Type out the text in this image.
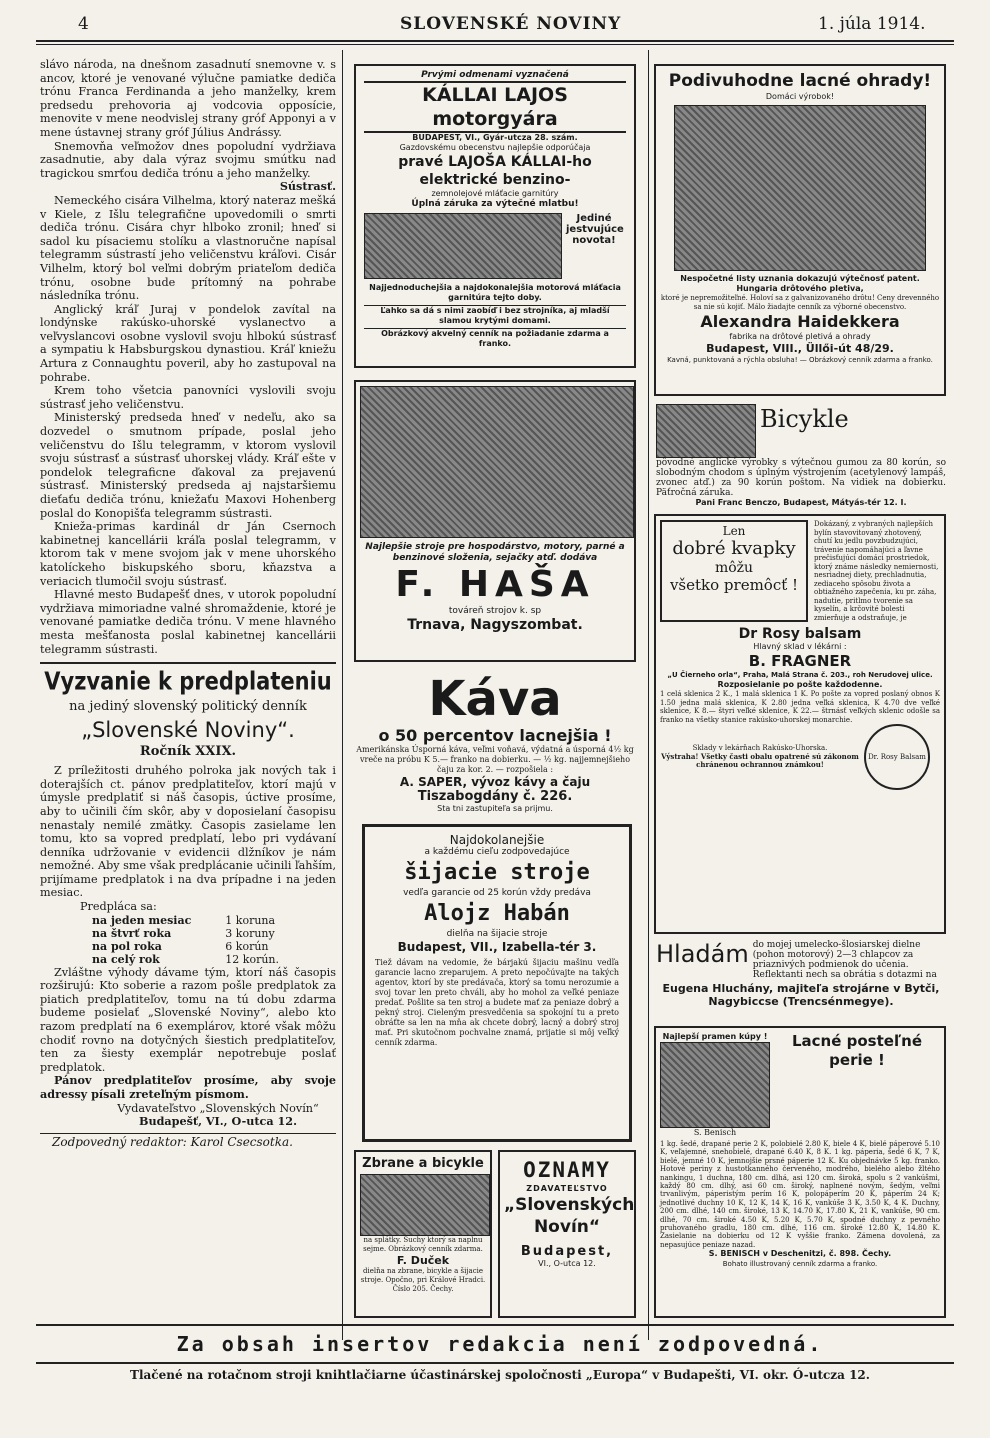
4	SLOVENSKÉ NOVINY	1. júla 1914.

slávo národa, na dnešnom zasadnutí snemovne v. s ancov, ktoré je venované výlučne pamiatke dediča trónu Franca Ferdinanda a jeho manželky, krem predsedu prehovoria aj vodcovia opposície, menovite v mene neodvislej strany gróf Apponyi a v mene ústavnej strany gróf Július Andrássy.

Snemovňa veľmožov dnes popoludní vydržiava zasadnutie, aby dala výraz svojmu smútku nad tragickou smrťou dediča trónu a jeho manželky.

Sústrasť.

Nemeckého cisára Vilhelma, ktorý nateraz mešká v Kiele, z Išlu telegrafične upovedomili o smrti dediča trónu. Cisára chyr hlboko zronil; hneď si sadol ku písaciemu stolíku a vlastnoručne napísal telegramm sústrastí jeho veličenstvu kráľovi. Cisár Vilhelm, ktorý bol veľmi dobrým priateľom dediča trónu, osobne bude prítomný na pohrabe následníka trónu.

Anglický kráľ Juraj v pondelok zavítal na londýnske rakúsko-uhorské vyslanectvo a veľvyslancovi osobne vyslovil svoju hlbokú sústrasť a sympatiu k Habsburgskou dynastiou. Kráľ kniežu Artura z Connaughtu poveril, aby ho zastupoval na pohrabe.

Krem toho všetcia panovníci vyslovili svoju sústrasť jeho veličenstvu.

Ministerský predseda hneď v nedeľu, ako sa dozvedel o smutnom prípade, poslal jeho veličenstvu do Išlu telegramm, v ktorom vyslovil svoju sústrasť a sústrasť uhorskej vlády. Kráľ ešte v pondelok telegraficne ďakoval za prejavenú sústrasť. Ministerský predseda aj najstaršiemu dieťaťu dediča trónu, kniežaťu Maxovi Hohenberg poslal do Konopišťa telegramm sústrasti.

Knieža-primas kardinál dr Ján Csernoch kabinetnej kancellárii kráľa poslal telegramm, v ktorom tak v mene svojom jak v mene uhorského katolíckeho biskupského sboru, kňazstva a veriacich tlumočil svoju sústrasť.

Hlavné mesto Budapešť dnes, v utorok popoludní vydržiava mimoriadne valné shromaždenie, ktoré je venované pamiatke dediča trónu. V mene hlavného mesta mešťanosta poslal kabinetnej kancellárii telegramm sústrasti.

Vyzvanie k predplateniu
na jediný slovenský politický denník
„Slovenské Noviny“.
Ročník XXIX.

Z príležitosti druhého polroka jak nových tak i doterajších ct. pánov predplatiteľov, ktorí majú v úmysle predplatiť si náš časopis, úctive prosíme, aby to učinili čím skôr, aby v doposielaní časopisu nenastaly nemilé zmätky. Časopis zasielame len tomu, kto sa vopred predplatí, lebo pri vydávaní denníka udržovanie v evidencii dlžníkov je nám nemožné. Aby sme však predplácanie učinili ľahším, prijímame predplatok i na dva prípadne i na jeden mesiac.

Predplácа sa:
na jeden mesiac	1 koruna
na štvrť roka	3 koruny
na pol roka	6 korún
na celý rok	12 korún.

Zvláštne výhody dávame tým, ktorí náš časopis rozširujú: Kto soberie a razom pošle predplatok za piatich predplatiteľov, tomu na tú dobu zdarma budeme posielať „Slovenské Noviny“, alebo kto razom predplatí na 6 exemplárov, ktoré však môžu chodiť rovno na dotyčných šiestich predplatiteľov, ten za šiesty exemplár nepotrebuje poslať predplatok.

Pánov predplatiteľov prosíme, aby svoje adressy písali zreteľným písmom.

Vydavateľstvo „Slovenských Novín“
Budapešť, VI., O-utca 12.
Zodpovedný redaktor: Karol Csecsotka.
Prvými odmenami vyznačená
KÁLLAI LAJOS motorgyára
BUDAPEST, VI., Gyár-utcza 28. szám.
Gazdovskému obecenstvu najlepšie odporúčaja
pravé LAJOŠA KÁLLAI-ho elektrické benzino-
zemnolejové mláťacie garnitúry
Úplná záruka za výtečné mlatbu!
Jediné jestvujúce novota!
Najjednoduchejšia a najdokonalejšia motorová mláťacia garnitúra tejto doby.
Ľahko sa dá s nimi zaobíď i bez strojníka, aj mladší slamou krytými domami.
Obrázkový akvelný cenník na požiadanie zdarma a franko.
Najlepšie stroje pre hospodárstvo, motory, parné a benzinové složenia, sejačky atď. dodáva
F. HAŠA
továreň strojov k. sp
Trnava, Nagyszombat.
Káva
o 50 percentov lacnejšia !
Amerikánska Úsporná káva, veľmi voňavá, výdatná a úsporná 4½ kg vreče na próbu K 5.— franko na dobierku. — ½ kg. najjemnejšieho čaju za kor. 2. — rozpošiela :
A. SAPER, vývoz kávy a čaju
Tiszabogdány č. 226.
Sta tni zastupiteľa sa prijmu.
Najdokolanejšie
a každému cieľu zodpovedajúce
šijacie stroje
vedľa garancie od 25 korún vždy predáva
Alojz Habán
dielňa na šijacie stroje
Budapest, VII., Izabella-tér 3.
Tiež dávam na vedomie, že bárjakú šijaciu mašinu vedľa garancie lacno zreparujem. A preto nepočúvajte na takých agentov, ktorí by ste predávača, ktorý sa tomu nerozumie a svoj tovar len preto chváli, aby ho mohol za veľké peniaze predať. Pošlite sa ten stroj a budete mať za peniaze dobrý a pekný stroj. Cieleným presvedčenia sa spokojní tu a preto obráťte sa len na mňa ak chcete dobrý, lacný a dobrý stroj mať. Pri skutočnom pochvalne znamá, prijatie si môj veľký cenník zdarma.
Zbrane a bicykle
na splátky. Suchy ktorý sa naplnu sejme. Obrázkový cenník zdarma.
F. Duček
dielňa na zbrane, bicykle a šijacie stroje. Opočno, pri Králové Hradci. Číslo 205. Čechy.
OZNAMY
ZDAVATEĽSTVO
„Slovenských Novín“
Budapest,
VI., O-utca 12.
Podivuhodne lacné ohrady!
Domáci výrobok!
Nespočetné listy uznania dokazujú výtečnosť patent. Hungaria drôtového pletiva,
ktoré je nepremožiteľné. Holoví sa z galvanizovaného drôtu! Ceny drevenného sa nie sú kojiť. Málo žiadajte cenník za výborné obecenstvo.
Alexandra Haidekkera
fabrika na drôtové pletivá a ohrady
Budapest, VIII., Üllői-út 48/29.
Kavná, punktovaná a rýchla obsluha! — Obrázkový cenník zdarma a franko.
Bicykle
pôvodné anglické výrobky s výtečnou gumou za 80 korún, so slobodným chodom s úplným výstrojením (acetylenový lampáš, zvonec atď.) za 90 korún poštom. Na vidiek na dobierku. Päťročná záruka.
Pani Franc Benczo, Budapest, Mátyás-tér 12. I.
Len
dobré kvapky
môžu
všetko premôcť !
Dokázaný, z vybraných najlepších bylín stavovitovaný zhotovený, chutí ku jedlu povzbudzujúci, trávenie napomáhajúci a ľavne prečisťujúci domáci prostriedok, ktorý známe následky nemiernosti, nesriadnej diety, prechladnutia, zediaceho spôsobu života a obtiažného zapečenia, ku pr. záha, nadutie, pritlmo tvorenie sa kyselín, a krčovité bolesti zmierňuje a odstraňuje, je
Dr Rosy balsam
Hlavný sklad v lékárni :
B. FRAGNER
„U Čierneho orla“, Praha, Malá Strana č. 203., roh Nerudovej ulice.
Rozposielanie po pošte každodenne.
1 celá sklenica 2 K., 1 malá sklenica 1 K. Po pošte za vopred poslaný obnos K 1.50 jedna malá sklenica, K 2.80 jedna veľká sklenica, K 4.70 dve veľké sklenice, K 8.— štyri veľké sklenice, K 22.— štrnásť veľkých sklenic odošle sa franko na všetky stanice rakúsko-uhorskej monarchie.
Sklady v lekárňach Rakúsko-Uhorska.
Výstraha! Všetky časti obalu opatrené sú zákonom chránenou ochrannou známkou!
Dr. Rosy Balsam
Hladám do mojej umelecko-šlosiarskej dielne (pohon motorový) 2—3 chlapcov za priaznivých podmienok do učenia. Reflektanti nech sa obrátia s dotazmi na
Eugena Hluchány, majiteľa strojárne v Bytči, Nagybiccse (Trencsénmegye).
Najlepší pramen kúpy !
S. Benisch
Lacné posteľné perie !
1 kg. šedé, drapané perie 2 K, polobielé 2.80 K, biele 4 K, bielé páperové 5.10 K, veľajemné, snehobielé, drapané 6.40 K, 8 K. 1 kg. páperia, šedé 6 K, 7 K, bielé, jemné 10 K, jemnojšie prsné páperie 12 K. Ku objednávke 5 kg. franko. Hotové periny z hustotkanného červeného, modrého, bielého alebo žltého nankingu, 1 duchna, 180 cm. dlhá, asi 120 cm. široká, spolu s 2 vankúšmi, každý 80 cm. dlhý, asi 60 cm. široký, naplnené novým, šedým, veľmi trvanlivým, páperistým perím 16 K, polopáperím 20 K, páperím 24 K; jednotlivé duchny 10 K, 12 K, 14 K, 16 K, vankúše 3 K, 3.50 K, 4 K. Duchny, 200 cm. dlhé, 140 cm. široké, 13 K, 14.70 K, 17.80 K, 21 K, vankúše, 90 cm. dlhé, 70 cm. široké 4.50 K, 5.20 K, 5.70 K, spodné duchny z pevného pruhovaného gradlu, 180 cm. dlhé, 116 cm. široké 12.80 K, 14.80 K. Zasielanie na dobierku od 12 K vyššie franko. Zámena dovolená, za nepasujúce peniaze nazad.
S. BENISCH v Deschenitzi, č. 898. Čechy.
Bohato illustrovaný cenník zdarma a franko.
Za obsah insertov redakcia není zodpovedná.
Tlačené na rotačnom stroji knihtlačiarne účastinárskej spoločnosti „Europa“ v Budapešti, VI. okr. Ó-utcza 12.
